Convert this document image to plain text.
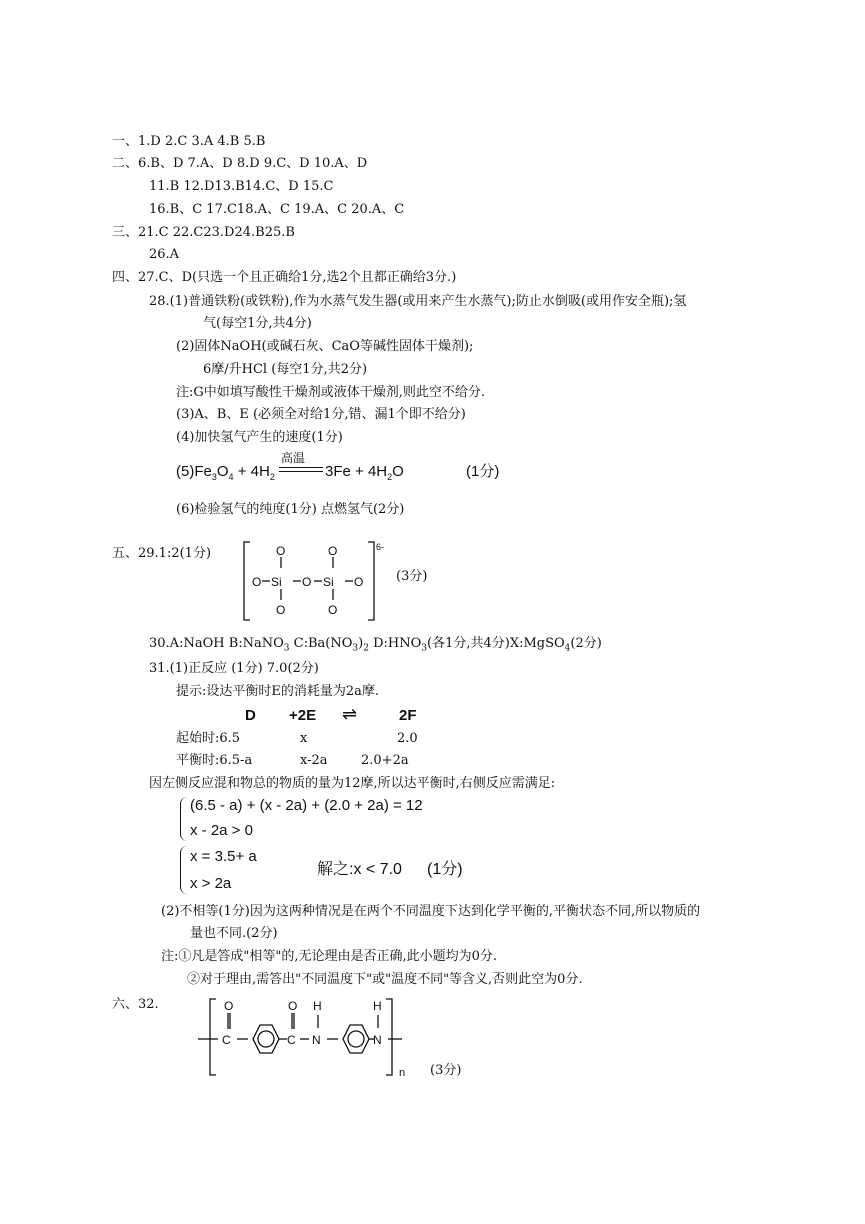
一、1.D 2.C 3.A 4.B 5.B
二、6.B、D 7.A、D 8.D 9.C、D 10.A、D
11.B 12.D13.B14.C、D 15.C
16.B、C 17.C18.A、C 19.A、C 20.A、C
三、21.C 22.C23.D24.B25.B
26.A
四、27.C、D(只选一个且正确给1分,选2个且都正确给3分.)
28.(1)普通铁粉(或铁粉),作为水蒸气发生器(或用来产生水蒸气);防止水倒吸(或用作安全瓶);氢
气(每空1分,共4分)
(2)固体NaOH(或碱石灰、CaO等碱性固体干燥剂);
6摩/升HCl (每空1分,共2分)
注:G中如填写酸性干燥剂或液体干燥剂,则此空不给分.
(3)A、B、E (必须全对给1分,错、漏1个即不给分)
(4)加快氢气产生的速度(1分)
$(5)Fe_3O_4 + 4H_2$
高温
$3Fe + 4H_2O$	(1分)
(6)检验氢气的纯度(1分) 点燃氢气(2分)
五、29.1:2(1分)	O	O
O Si O Si O
O	O
6-
(3分)
30.A:NaOH B:NaNO$_3$ $C:Ba(NO_3)_2$ $D:HNO_3$(各1分,共4分)X:MgSO$_4$(2分)
31.(1)正反应 (1分) 7.0(2分)
提示:设达平衡时E的消耗量为2a摩.
D +2E ⇌	2F
起始时:6.5	x	2.0
平衡时:6.5-a	x-2a	2.0+2a
因左侧反应混和物总的物质的量为12摩,所以达平衡时,右侧反应需满足:
(6.5 - a) + (x - 2a) + (2.0 + 2a) = 12
x - 2a > 0
x = 3.5+ a
x > 2a
解之:x < 7.0 (1分)
(2)不相等(1分)因为这两种情况是在两个不同温度下达到化学平衡的,平衡状态不同,所以物质的
量也不同.(2分)
注:①凡是答成"相等"的,无论理由是否正确,此小题均为0分.
②对于理由,需答出"不同温度下"或"温度不同"等含义,否则此空为0分.
六、32.	O
C
O
C
H
N
H
N
n (3分)
